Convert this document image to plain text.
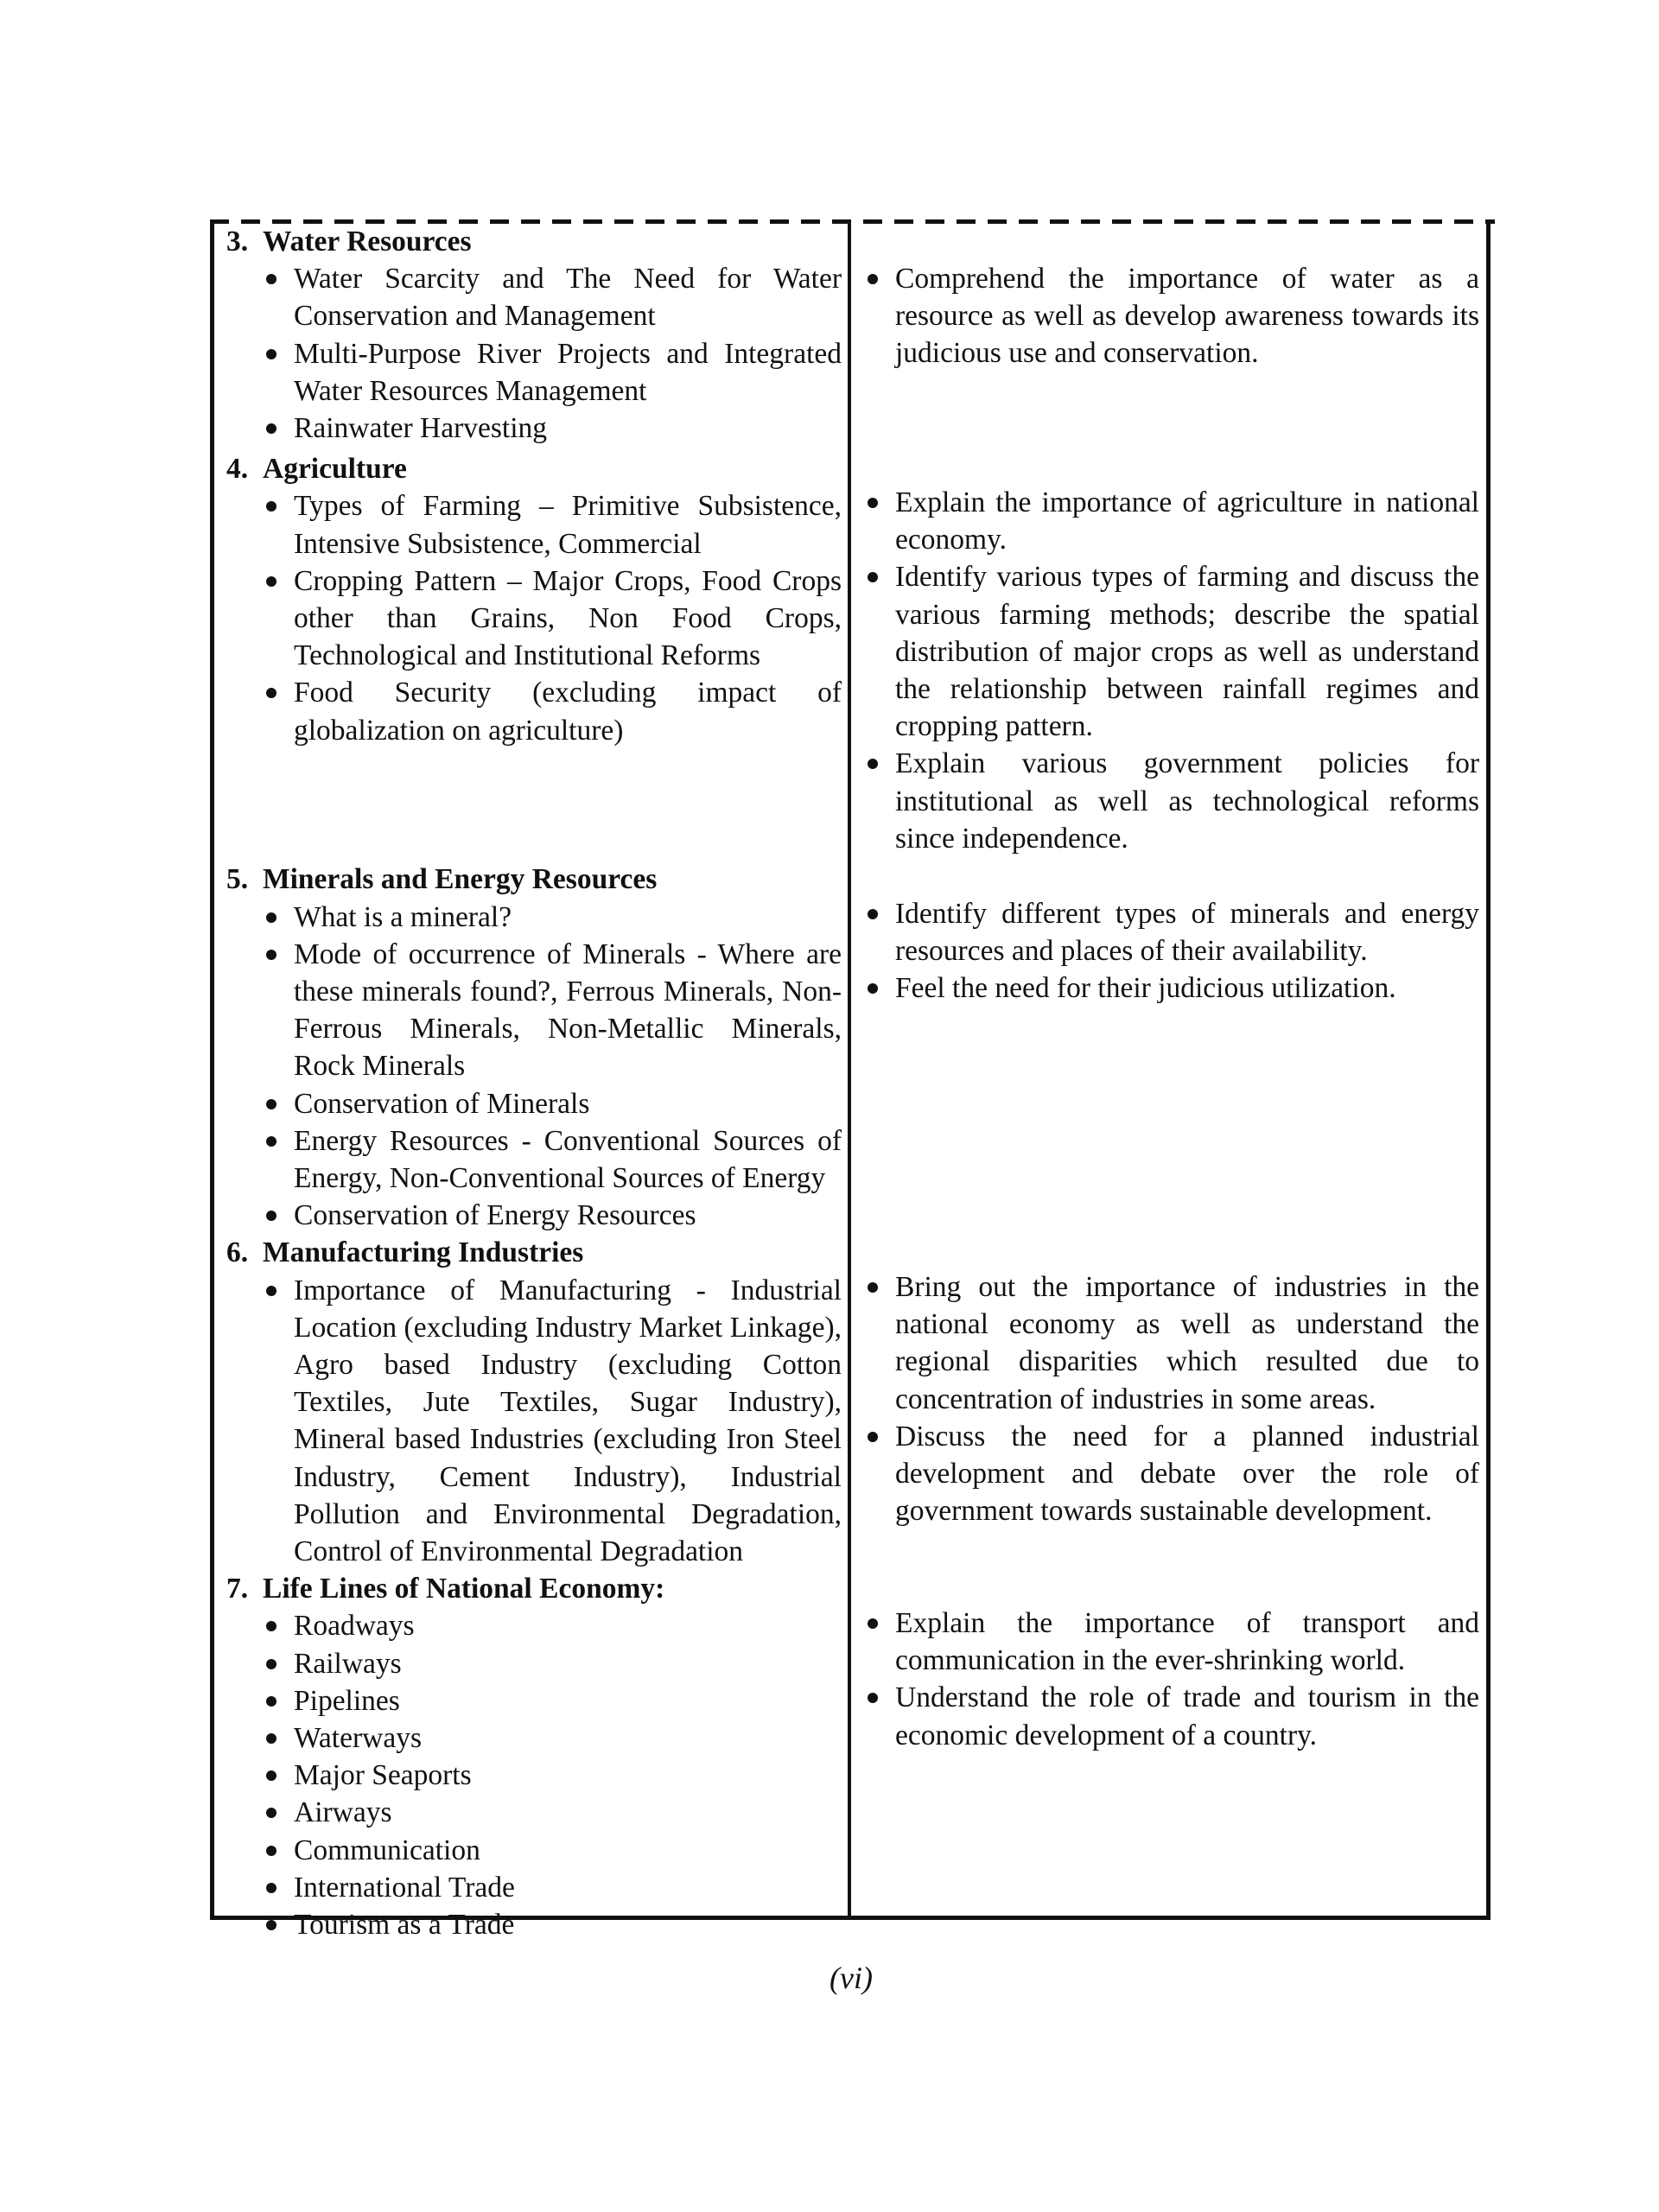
3. Water Resources
Water Scarcity and The Need for Water Conservation and Management
Multi-Purpose River Projects and Integrated Water Resources Management
Rainwater Harvesting
4. Agriculture
Types of Farming – Primitive Subsistence, Intensive Subsistence, Commercial
Cropping Pattern – Major Crops, Food Crops other than Grains, Non Food Crops, Technological and Institutional Reforms
Food Security (excluding impact of globalization on agriculture)
5. Minerals and Energy Resources
What is a mineral?
Mode of occurrence of Minerals - Where are these minerals found?, Ferrous Minerals, Non-Ferrous Minerals, Non-Metallic Minerals, Rock Minerals
Conservation of Minerals
Energy Resources - Conventional Sources of Energy, Non-Conventional Sources of Energy
Conservation of Energy Resources
6. Manufacturing Industries
Importance of Manufacturing - Industrial Location (excluding Industry Market Linkage), Agro based Industry (excluding Cotton Textiles, Jute Textiles, Sugar Industry), Mineral based Industries (excluding Iron Steel Industry, Cement Industry), Industrial Pollution and Environmental Degradation, Control of Environmental Degradation
7. Life Lines of National Economy:
Roadways
Railways
Pipelines
Waterways
Major Seaports
Airways
Communication
International Trade
Tourism as a Trade
Comprehend the importance of water as a resource as well as develop awareness towards its judicious use and conservation.
Explain the importance of agriculture in national economy.
Identify various types of farming and discuss the various farming methods; describe the spatial distribution of major crops as well as understand the relationship between rainfall regimes and cropping pattern.
Explain various government policies for institutional as well as technological reforms since independence.
Identify different types of minerals and energy resources and places of their availability.
Feel the need for their judicious utilization.
Bring out the importance of industries in the national economy as well as understand the regional disparities which resulted due to concentration of industries in some areas.
Discuss the need for a planned industrial development and debate over the role of government towards sustainable development.
Explain the importance of transport and communication in the ever-shrinking world.
Understand the role of trade and tourism in the economic development of a country.
(vi)
